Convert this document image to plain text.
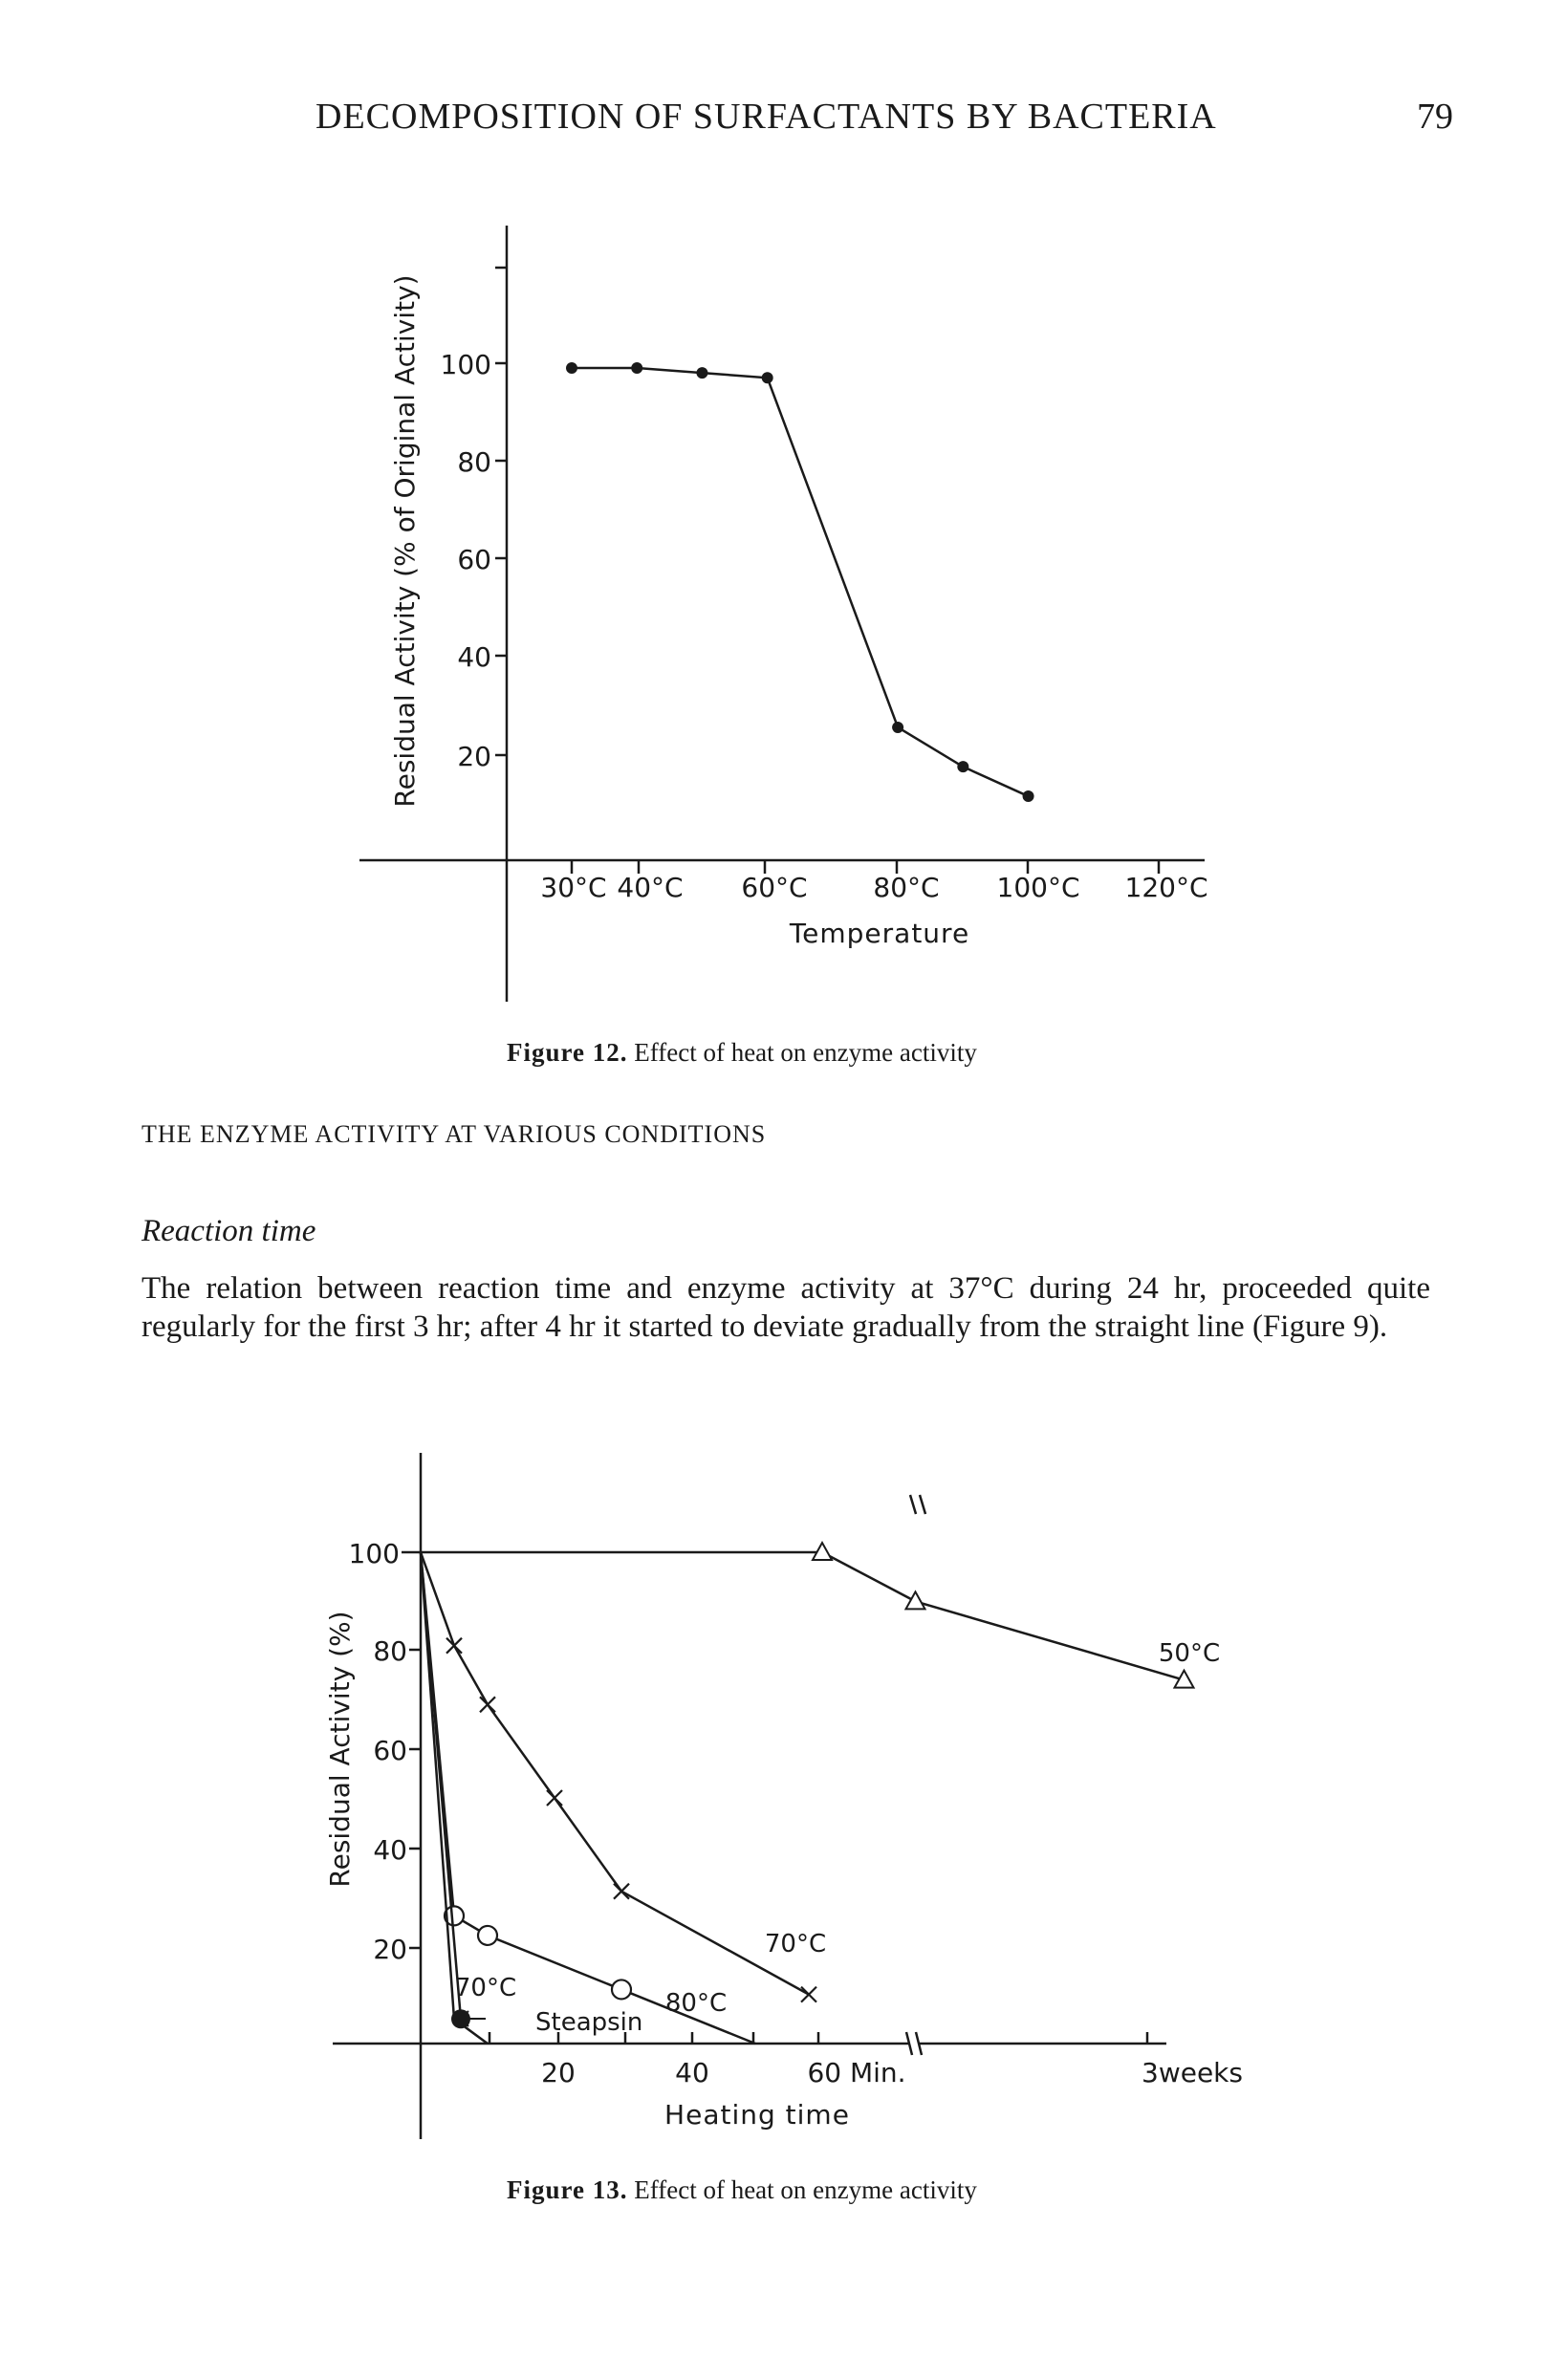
DECOMPOSITION OF SURFACTANTS BY BACTERIA	79
Residual Activity (% of Original Activity) 100
80
60
40
20
30°C 40°C 60°C 80°C 100°C 120°C
Temperature

Figure 12. Effect of heat on enzyme activity

THE ENZYME ACTIVITY AT VARIOUS CONDITIONS
Reaction time

The relation between reaction time and enzyme activity at 37°C during 24 hr, proceeded quite regularly for the first 3 hr; after 4 hr it started to deviate gradually from the straight line (Figure 9).

Residual Activity (%)
100
80
60
40
20
20	40	60 Min.	3weeks
Heating time
50°C
70°C
80°C
70°C
Steapsin

Figure 13. Effect of heat on enzyme activity
